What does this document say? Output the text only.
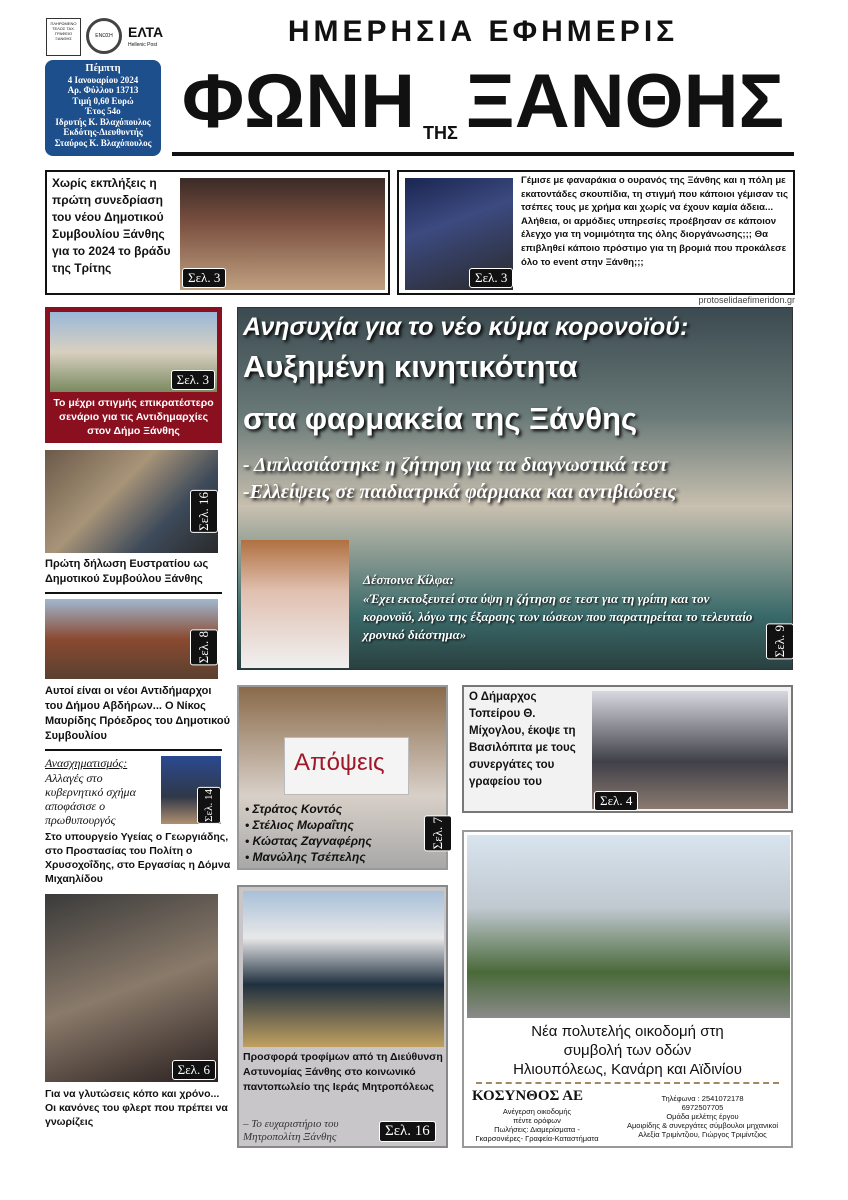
ΠΛΗΡΩΜΕΝΟ ΤΕΛΟΣ ΤΑΧ. ΓΡΑΦΕΙΟ ΞΑΝΘΗΣ	ΕΝΩΣΗ	ΕΛΤΑ
Hellenic Post
Πέμπτη
4 Ιανουαρίου 2024
Αρ. Φύλλου 13713
Τιμή 0,60 Ευρώ
Έτος 54ο
Ιδρυτής Κ. Βλαχόπουλος
Εκδότης-Διευθυντής
Σταύρος Κ. Βλαχόπουλος
ΗΜΕΡΗΣΙΑ ΕΦΗΜΕΡΙΣ
ΦΩΝΗ ΤΗΣ ΞΑΝΘΗΣ
Χωρίς εκπλήξεις η πρώτη συνεδρίαση του νέου Δημοτικού Συμβουλίου Ξάνθης για το 2024 το βράδυ της Τρίτης
Σελ. 3	Σελ. 3
Γέμισε με φαναράκια ο ουρανός της Ξάνθης και η πόλη με εκατοντάδες σκουπίδια, τη στιγμή που κάποιοι γέμισαν τις τσέπες τους με χρήμα και χωρίς να έχουν καμία άδεια... Αλήθεια, οι αρμόδιες υπηρεσίες προέβησαν σε κάποιον έλεγχο για τη νομιμότητα της όλης διοργάνωσης;;; Θα επιβληθεί κάποιο πρόστιμο για τη βρομιά που προκάλεσε όλο το event στην Ξάνθη;;;
protoselidaefimeridon.gr
Σελ. 3
Το μέχρι στιγμής επικρατέστερο σενάριο για τις Αντιδημαρχίες στον Δήμο Ξάνθης
Σελ. 16
Πρώτη δήλωση Ευστρατίου ως Δημοτικού Συμβούλου Ξάνθης
Σελ. 8
Αυτοί είναι οι νέοι Αντιδήμαρχοι του Δήμου Αβδήρων... Ο Νίκος Μαυρίδης Πρόεδρος του Δημοτικού Συμβουλίου
Ανασχηματισμός:
Αλλαγές στο κυβερνητικό σχήμα αποφάσισε ο πρωθυπουργός	Σελ. 14
Στο υπουργείο Υγείας ο Γεωργιάδης, στο Προστασίας του Πολίτη ο Χρυσοχοΐδης, στο Εργασίας η Δόμνα Μιχαηλίδου
Σελ. 6
Για να γλυτώσεις κόπο και χρόνο... Οι κανόνες του φλερτ που πρέπει να γνωρίζεις
Ανησυχία για το νέο κύμα κορονοϊού:
Αυξημένη κινητικότητα
στα φαρμακεία της Ξάνθης
- Διπλασιάστηκε η ζήτηση για τα διαγνωστικά τεστ
-Ελλείψεις σε παιδιατρικά φάρμακα και αντιβιώσεις
Δέσποινα Κίλφα:
«Έχει εκτοξευτεί στα ύψη η ζήτηση σε τεστ για τη γρίπη και τον κορονοϊό, λόγω της έξαρσης των ιώσεων που παρατηρείται το τελευταίο χρονικό διάστημα»	Σελ. 9
Απόψεις
• Στράτος Κοντός
• Στέλιος Μωραΐτης
• Κώστας Ζαγναφέρης
• Μανώλης Τσέπελης
Σελ. 7
Ο Δήμαρχος Τοπείρου Θ. Μίχογλου, έκοψε τη Βασιλόπιτα με τους συνεργάτες του γραφείου του
Σελ. 4
Προσφορά τροφίμων από τη Διεύθυνση Αστυνομίας Ξάνθης στο κοινωνικό παντοπωλείο της Ιεράς Μητροπόλεως
– Το ευχαριστήριο του Μητροπολίτη Ξάνθης	Σελ. 16
Νέα πολυτελής οικοδομή στη
συμβολή των οδών
Ηλιουπόλεως, Κανάρη και Αϊδινίου
ΚΟΣΥΝΘΟΣ ΑΕ
Ανέγερση οικοδομής
πέντε ορόφων
Πωλήσεις: Διαμερίσματα -
Γκαρσονιέρες- Γραφεία-Καταστήματα
Τηλέφωνα : 2541072178
6972507705
Ομάδα μελέτης έργου
Αμοιρίδης & συνεργάτες σύμβουλοι μηχανικοί
Αλεξία Τριμίντζιου, Γιώργος Τριμίντζιος
